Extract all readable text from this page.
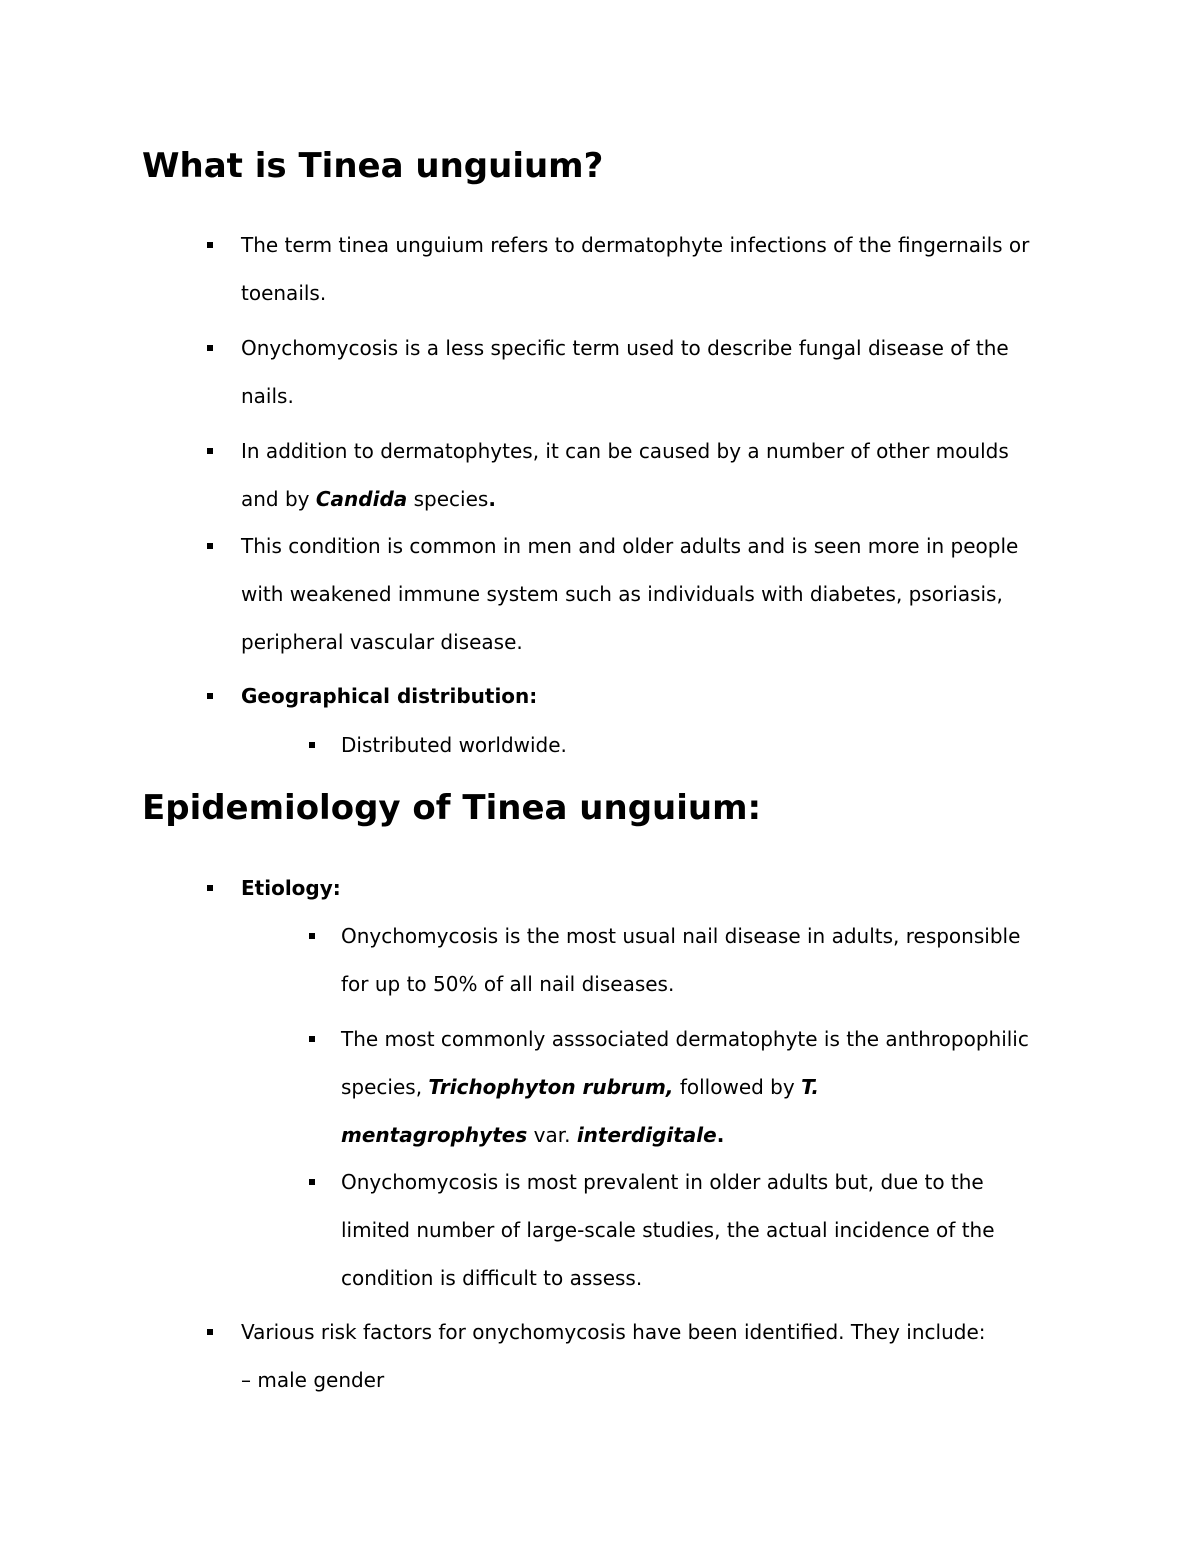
What is Tinea unguium?
The term tinea unguium refers to dermatophyte infections of the fingernails or
toenails.
Onychomycosis is a less specific term used to describe fungal disease of the
nails.
In addition to dermatophytes, it can be caused by a number of other moulds
and by Candida species.
This condition is common in men and older adults and is seen more in people
with weakened immune system such as individuals with diabetes, psoriasis,
peripheral vascular disease.
Geographical distribution:
Distributed worldwide.
Epidemiology of Tinea unguium:
Etiology:
Onychomycosis is the most usual nail disease in adults, responsible
for up to 50% of all nail diseases.
The most commonly asssociated dermatophyte is the anthropophilic
species, Trichophyton rubrum, followed by T.
mentagrophytes var. interdigitale.
Onychomycosis is most prevalent in older adults but, due to the
limited number of large-scale studies, the actual incidence of the
condition is difficult to assess.
Various risk factors for onychomycosis have been identified. They include:
– male gender
